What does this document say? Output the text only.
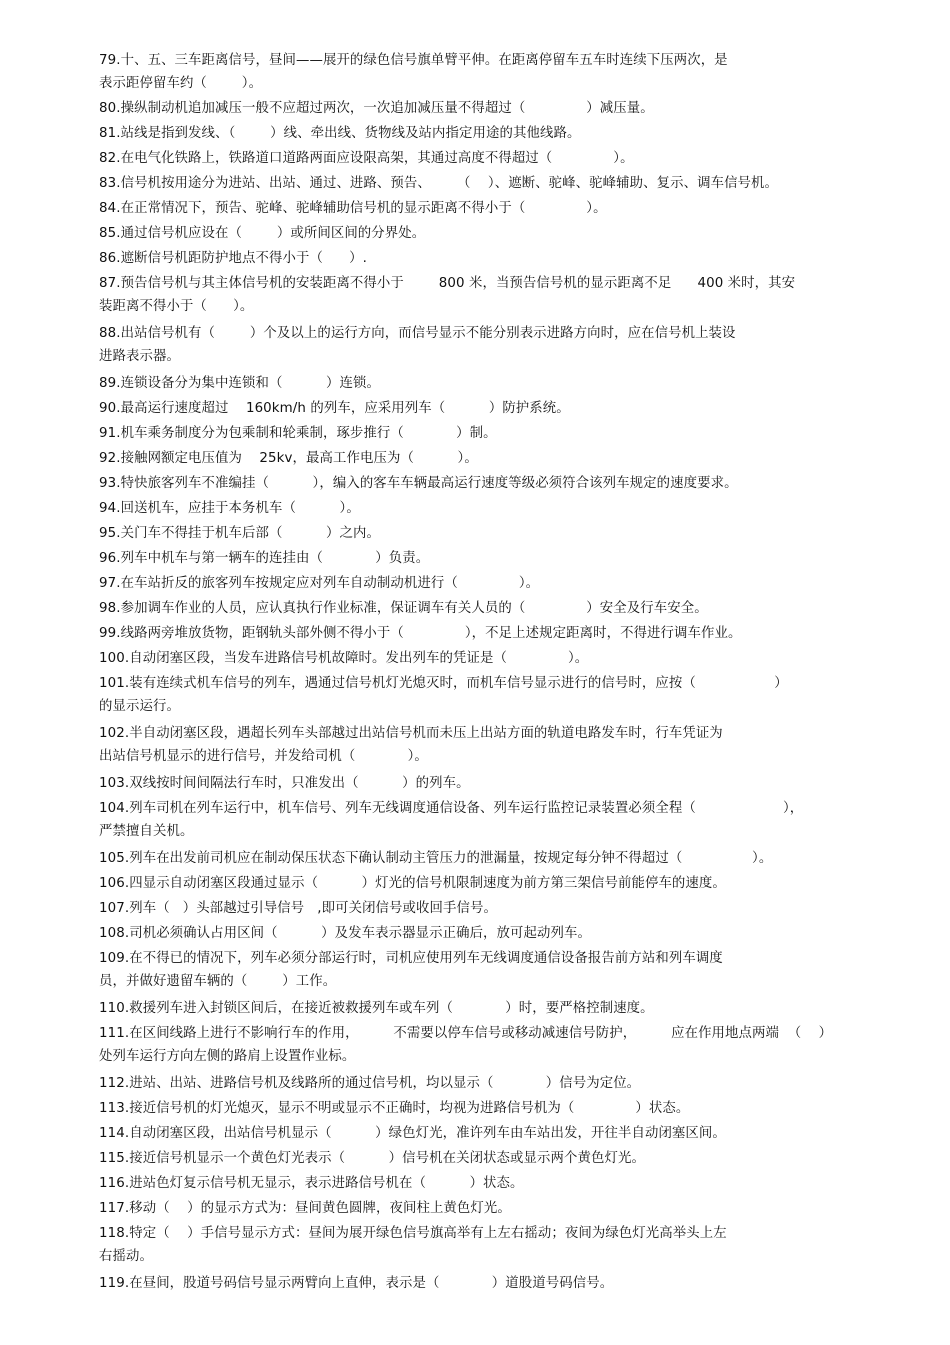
79.十、五、三车距离信号，昼间——展开的绿色信号旗单臂平伸。在距离停留车五车时连续下压两次，是
表示距停留车约（        ）。
80.操纵制动机追加减压一般不应超过两次，一次追加减压量不得超过（              ）减压量。
81.站线是指到发线、（        ）线、牵出线、货物线及站内指定用途的其他线路。
82.在电气化铁路上，铁路道口道路两面应设限高架，其通过高度不得超过（              ）。
83.信号机按用途分为进站、出站、通过、进路、预告、      （    ）、遮断、驼峰、驼峰辅助、复示、调车信号机。
84.在正常情况下，预告、驼峰、驼峰辅助信号机的显示距离不得小于（              ）。
85.通过信号机应设在（        ）或所间区间的分界处。
86.遮断信号机距防护地点不得小于（      ）.
87.预告信号机与其主体信号机的安装距离不得小于        800 米，当预告信号机的显示距离不足      400 米时，其安
装距离不得小于（      ）。
88.出站信号机有（        ）个及以上的运行方向，而信号显示不能分别表示进路方向时，应在信号机上装设
进路表示器。
89.连锁设备分为集中连锁和（          ）连锁。
90.最高运行速度超过    160km/h 的列车，应采用列车（          ）防护系统。
91.机车乘务制度分为包乘制和轮乘制，琢步推行（            ）制。
92.接触网额定电压值为    25kv，最高工作电压为（          ）。
93.特快旅客列车不准编挂（          ），编入的客车车辆最高运行速度等级必须符合该列车规定的速度要求。
94.回送机车，应挂于本务机车（          ）。
95.关门车不得挂于机车后部（          ）之内。
96.列车中机车与第一辆车的连挂由（            ）负责。
97.在车站折反的旅客列车按规定应对列车自动制动机进行（              ）。
98.参加调车作业的人员，应认真执行作业标准，保证调车有关人员的（              ）安全及行车安全。
99.线路两旁堆放货物，距钢轨头部外侧不得小于（              ），不足上述规定距离时，不得进行调车作业。
100.自动闭塞区段，当发车进路信号机故障时。发出列车的凭证是（              ）。
101.装有连续式机车信号的列车，遇通过信号机灯光熄灭时，而机车信号显示进行的信号时，应按（                  ）
的显示运行。
102.半自动闭塞区段，遇超长列车头部越过出站信号机而未压上出站方面的轨道电路发车时，行车凭证为
出站信号机显示的进行信号，并发给司机（            ）。
103.双线按时间间隔法行车时，只准发出（          ）的列车。
104.列车司机在列车运行中，机车信号、列车无线调度通信设备、列车运行监控记录装置必须全程（                    ），
严禁擅自关机。
105.列车在出发前司机应在制动保压状态下确认制动主管压力的泄漏量，按规定每分钟不得超过（                ）。
106.四显示自动闭塞区段通过显示（          ）灯光的信号机限制速度为前方第三架信号前能停车的速度。
107.列车（   ）头部越过引导信号   ,即可关闭信号或收回手信号。
108.司机必须确认占用区间（          ）及发车表示器显示正确后，放可起动列车。
109.在不得已的情况下，列车必须分部运行时，司机应使用列车无线调度通信设备报告前方站和列车调度
员，并做好遗留车辆的（        ）工作。
110.救援列车进入封锁区间后，在接近被救援列车或车列（            ）时，要严格控制速度。
111.在区间线路上进行不影响行车的作用，        不需要以停车信号或移动减速信号防护，        应在作用地点两端  （    ）
处列车运行方向左侧的路肩上设置作业标。
112.进站、出站、进路信号机及线路所的通过信号机，均以显示（            ）信号为定位。
113.接近信号机的灯光熄灭，显示不明或显示不正确时，均视为进路信号机为（              ）状态。
114.自动闭塞区段，出站信号机显示（          ）绿色灯光，准许列车由车站出发，开往半自动闭塞区间。
115.接近信号机显示一个黄色灯光表示（          ）信号机在关闭状态或显示两个黄色灯光。
116.进站色灯复示信号机无显示，表示进路信号机在（          ）状态。
117.移动（    ）的显示方式为：昼间黄色圆牌，夜间柱上黄色灯光。
118.特定（    ）手信号显示方式：昼间为展开绿色信号旗高举有上左右摇动；夜间为绿色灯光高举头上左
右摇动。
119.在昼间，股道号码信号显示两臂向上直伸，表示是（            ）道股道号码信号。
